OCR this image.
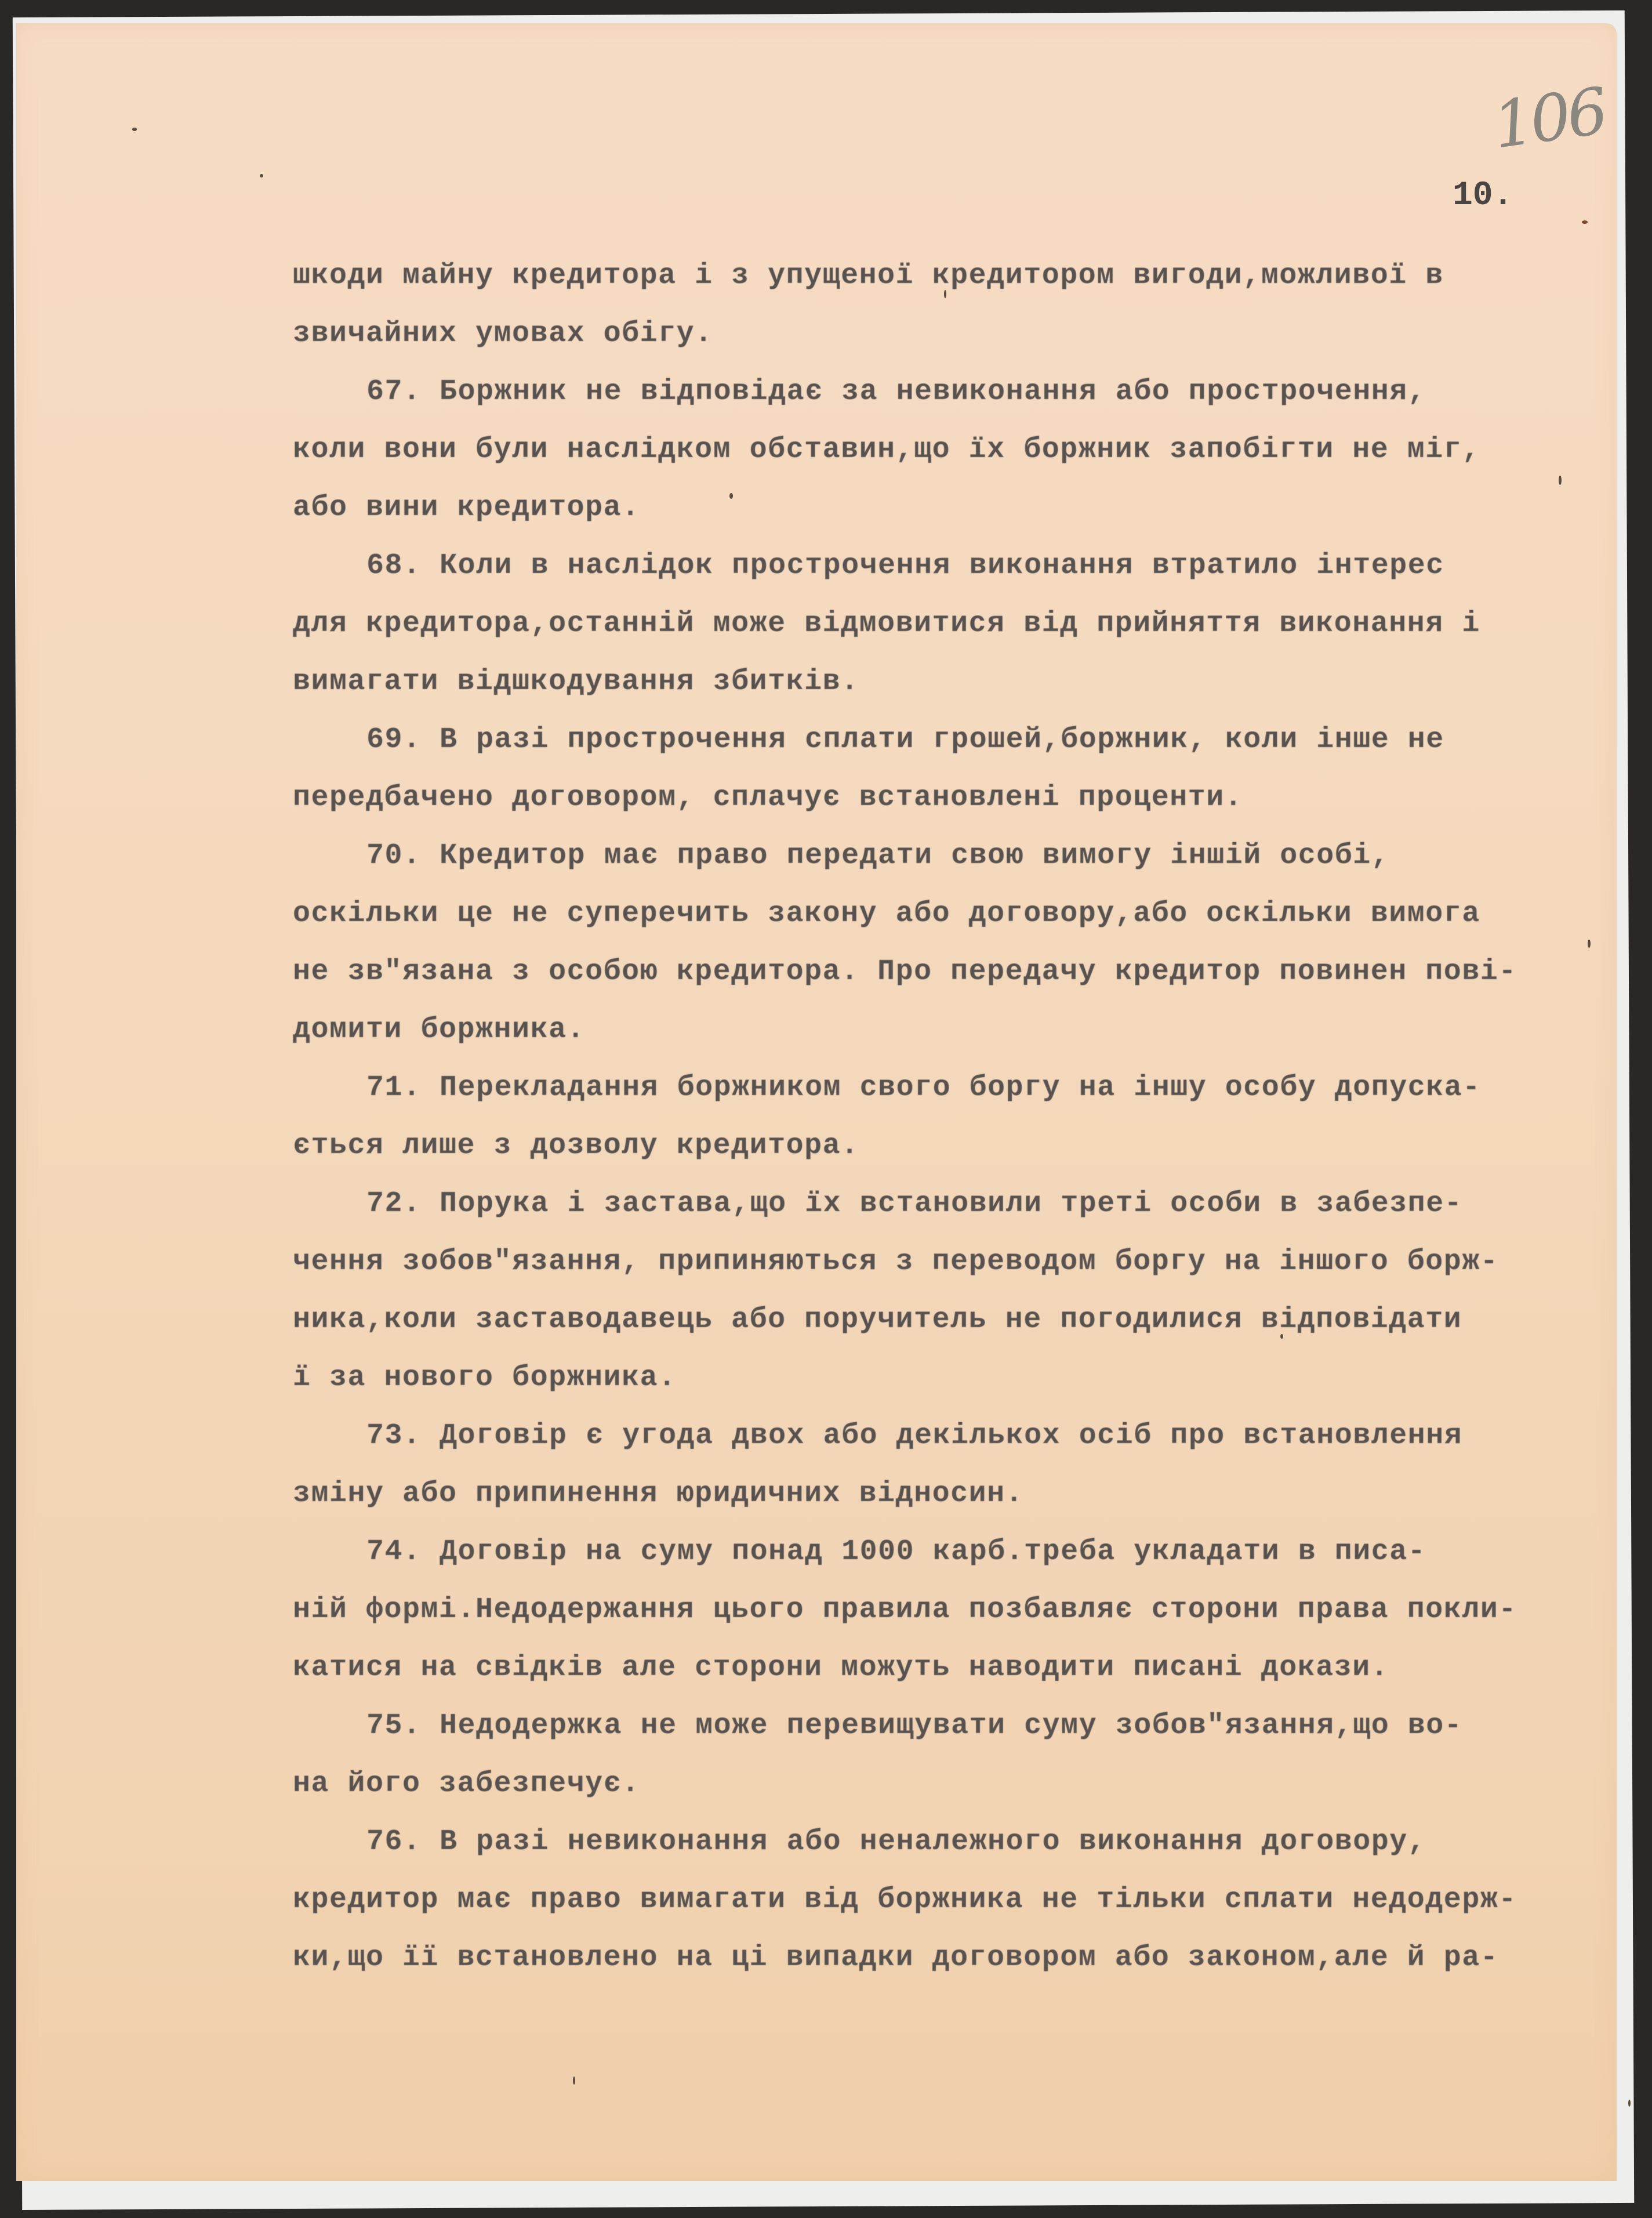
106
10.
шкоди майну кредитора і з упущеної кредитором вигоди,можливої в
звичайних умовах обігу.
67. Боржник не відповідає за невиконання або прострочення,
коли вони були наслідком обставин,що їх боржник запобігти не міг,
або вини кредитора.
68. Коли в наслідок прострочення виконання втратило інтерес
для кредитора,останній може відмовитися від прийняття виконання і
вимагати відшкодування збитків.
69. В разі прострочення сплати грошей,боржник, коли інше не
передбачено договором, сплачує встановлені проценти.
70. Кредитор має право передати свою вимогу іншій особі,
оскільки це не суперечить закону або договору,або оскільки вимога
не зв"язана з особою кредитора. Про передачу кредитор повинен пові-
домити боржника.
71. Перекладання боржником свого боргу на іншу особу допуска-
ється лише з дозволу кредитора.
72. Порука і застава,що їх встановили треті особи в забезпе-
чення зобов"язання, припиняються з переводом боргу на іншого борж-
ника,коли заставодавець або поручитель не погодилися відповідати
ї за нового боржника.
73. Договір є угода двох або декількох осіб про встановлення
зміну або припинення юридичних відносин.
74. Договір на суму понад 1000 карб.треба укладати в писа-
ній формі.Недодержання цього правила позбавляє сторони права покли-
катися на свідків але сторони можуть наводити писані докази.
75. Недодержка не може перевищувати суму зобов"язання,що во-
на його забезпечує.
76. В разі невиконання або неналежного виконання договору,
кредитор має право вимагати від боржника не тільки сплати недодерж-
ки,що її встановлено на ці випадки договором або законом,але й ра-
